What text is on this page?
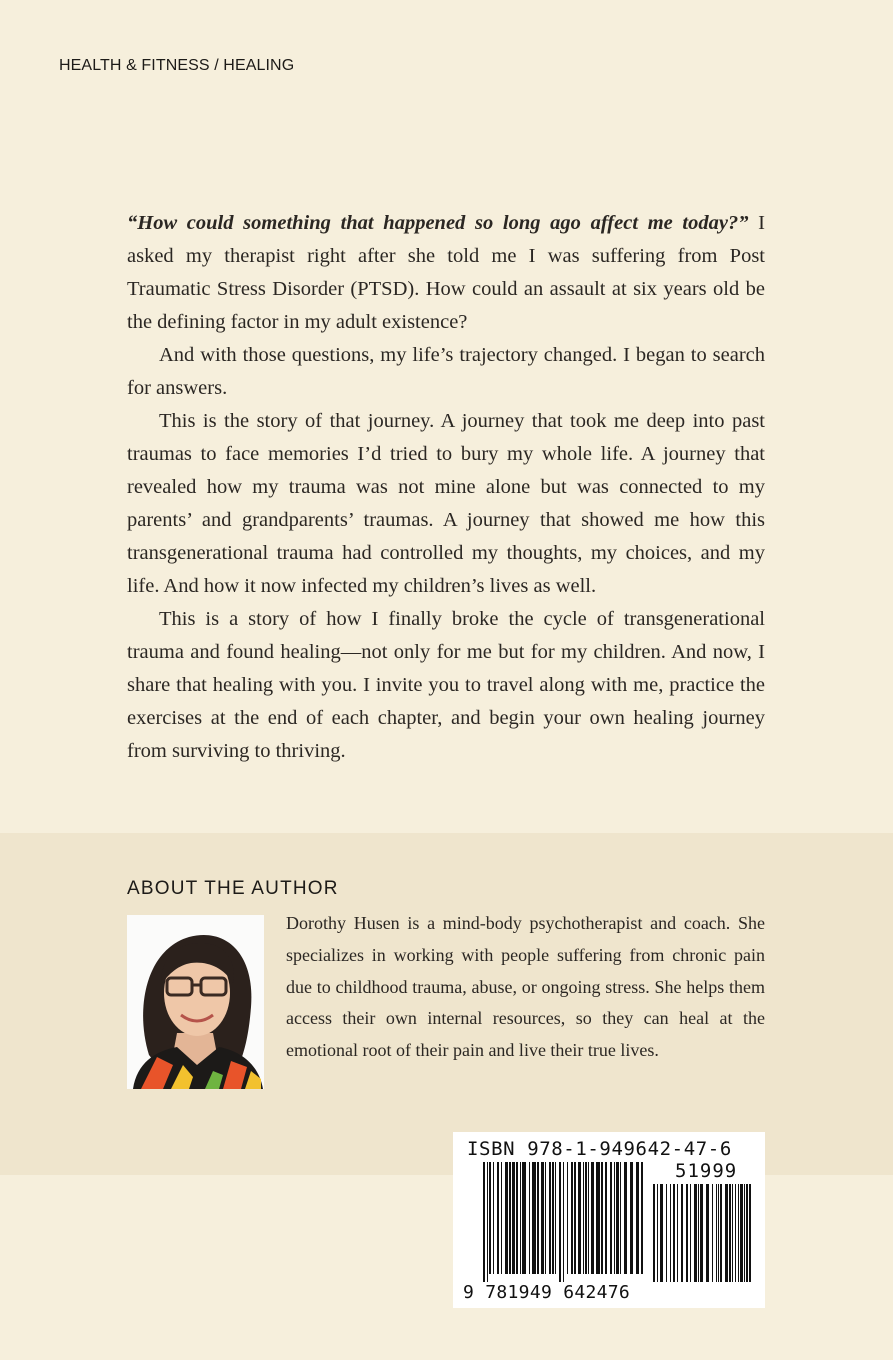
HEALTH & FITNESS / HEALING

“How could something that happened so long ago affect me today?” I asked my therapist right after she told me I was suffering from Post Traumatic Stress Disorder (PTSD). How could an assault at six years old be the defining factor in my adult existence?

And with those questions, my life’s trajectory changed. I began to search for answers.

This is the story of that journey. A journey that took me deep into past traumas to face memories I’d tried to bury my whole life. A journey that revealed how my trauma was not mine alone but was connected to my parents’ and grandparents’ traumas. A journey that showed me how this transgenerational trauma had controlled my thoughts, my choices, and my life. And how it now infected my children’s lives as well.

This is a story of how I finally broke the cycle of transgenerational trauma and found healing—not only for me but for my children. And now, I share that healing with you. I invite you to travel along with me, practice the exercises at the end of each chapter, and begin your own healing journey from surviving to thriving.

ABOUT THE AUTHOR

Dorothy Husen is a mind-body psychotherapist and coach. She specializes in working with people suffering from chronic pain due to childhood trauma, abuse, or ongoing stress. She helps them access their own internal resources, so they can heal at the emotional root of their pain and live their true lives.

ISBN 978-1-949642-47-6
51999
9 781949 642476
